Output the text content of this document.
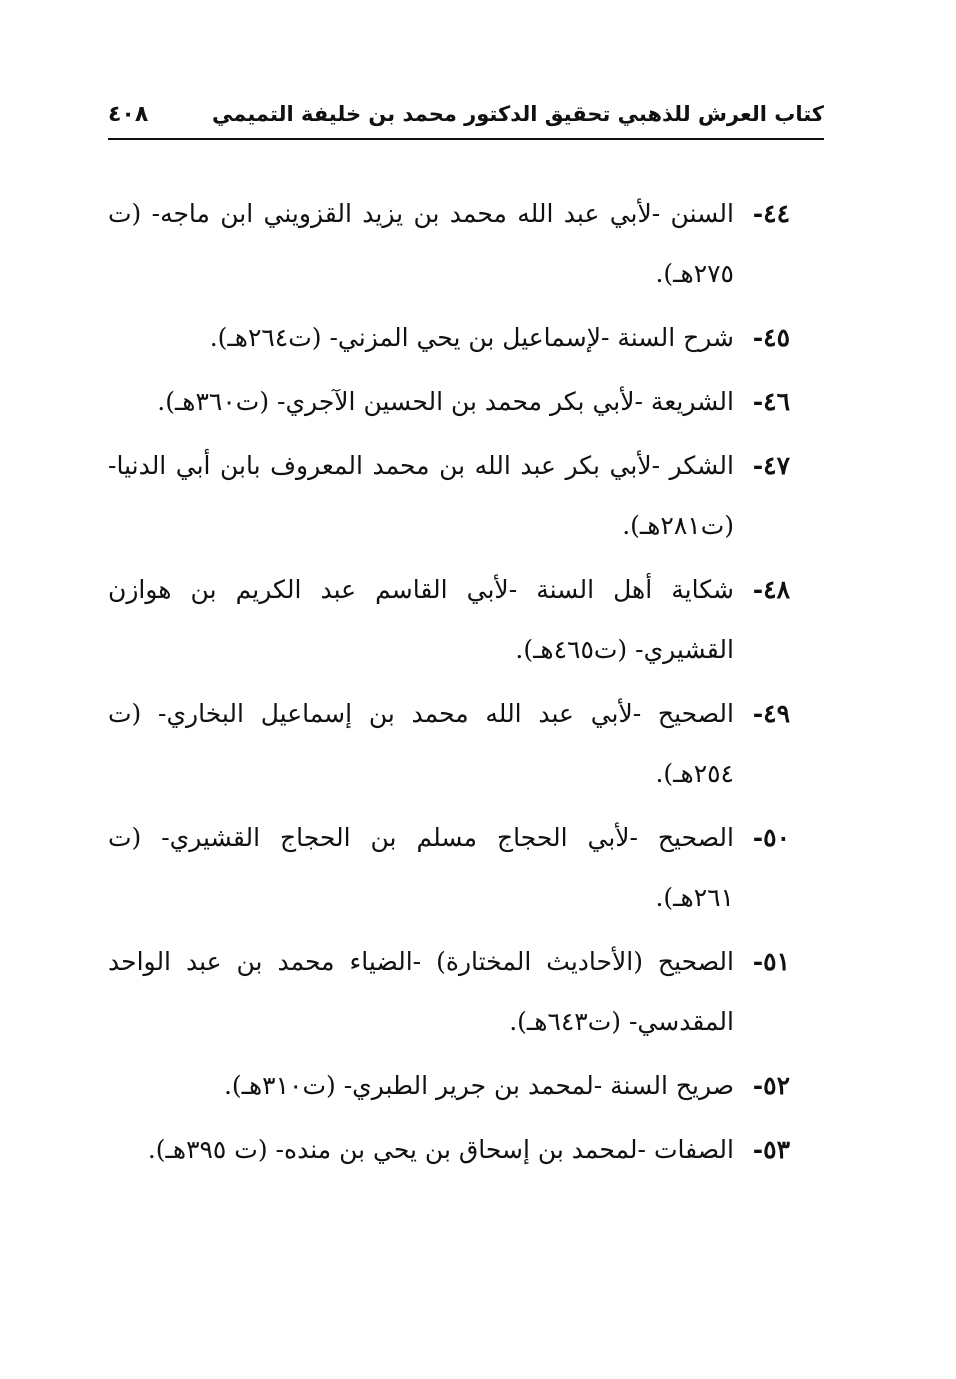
كتاب العرش للذهبي تحقيق الدكتور محمد بن خليفة التميمي
٤٠٨
٤٤-
السنن -لأبي عبد الله محمد بن يزيد القزويني ابن ماجه- (ت ٢٧٥هـ).
٤٥-
شرح السنة -لإسماعيل بن يحي المزني- (ت٢٦٤هـ).
٤٦-
الشريعة -لأبي بكر محمد بن الحسين الآجري- (ت٣٦٠هـ).
٤٧-
الشكر -لأبي بكر عبد الله بن محمد المعروف بابن أبي الدنيا- (ت٢٨١هـ).
٤٨-
شكاية أهل السنة -لأبي القاسم عبد الكريم بن هوازن القشيري- (ت٤٦٥هـ).
٤٩-
الصحيح -لأبي عبد الله محمد بن إسماعيل البخاري- (ت ٢٥٤هـ).
٥٠-
الصحيح -لأبي الحجاج مسلم بن الحجاج القشيري- (ت ٢٦١هـ).
٥١-
الصحيح (الأحاديث المختارة) -الضياء محمد بن عبد الواحد المقدسي- (ت٦٤٣هـ).
٥٢-
صريح السنة -لمحمد بن جرير الطبري- (ت٣١٠هـ).
٥٣-
الصفات -لمحمد بن إسحاق بن يحي بن منده- (ت ٣٩٥هـ).
